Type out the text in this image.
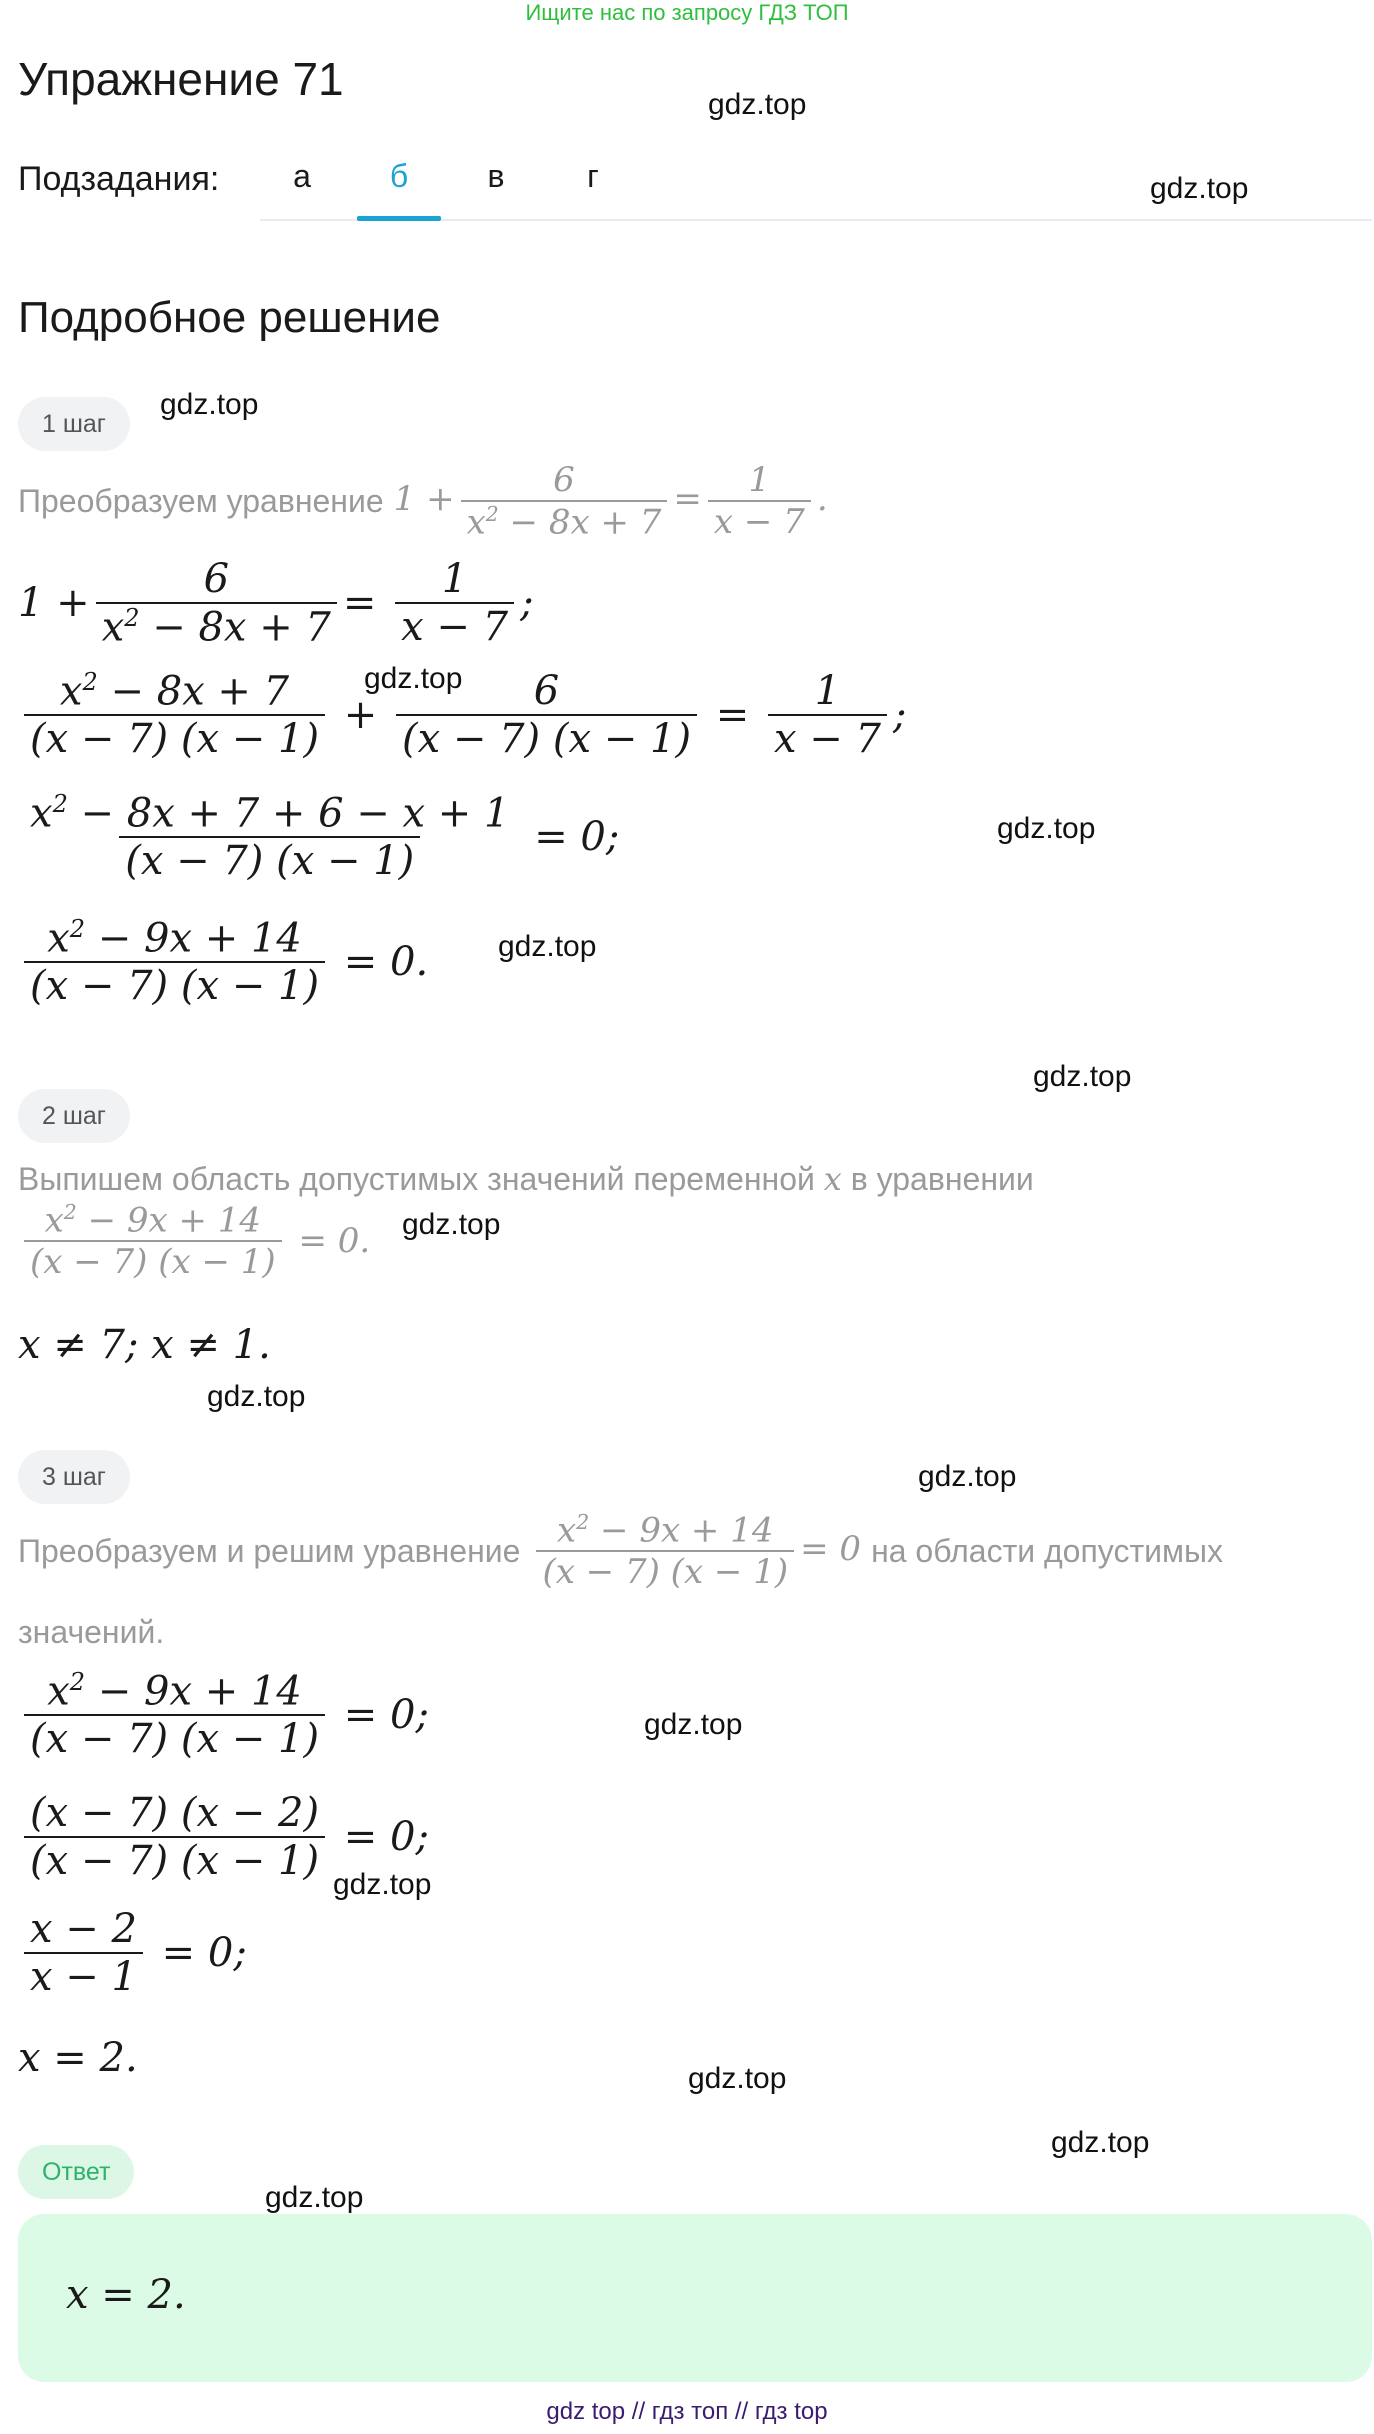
Ищите нас по запросу ГДЗ ТОП
Упражнение 71	gdz.top
Подзадания:	а	б	в	г	gdz.top
Подробное решение
1 шаг
gdz.top
Преобразуем уравнение $1 + \frac{6}{x^2 - 8x + 7} = \frac{1}{x - 7}$ .
$1 + \frac{6}{x^2 - 8x + 7} = \frac{1}{x - 7}$ ;
$\frac{x^2 - 8x + 7}{(x - 7) (x - 1)} + \frac{6}{(x - 7) (x - 1)} = \frac{1}{x - 7}$ ;
gdz.top
$\frac{x^2 - 8x + 7 + 6 - x + 1}{(x - 7) (x - 1)} = 0$;	gdz.top
$\frac{x^2 - 9x + 14}{(x - 7) (x - 1)} = 0$. gdz.top
gdz.top
2 шаг
Выпишем область допустимых значений переменной x в уравнении
$\frac{x^2 - 9x + 14}{(x - 7) (x - 1)} = 0$. gdz.top
x ≠ 7; x ≠ 1.
gdz.top
3 шаг	gdz.top
Преобразуем и решим уравнение $\frac{x^2 - 9x + 14}{(x - 7) (x - 1)} = 0$ на области допустимых
значений.
$\frac{x^2 - 9x + 14}{(x - 7) (x - 1)} = 0$;	gdz.top
$\frac{(x - 7) (x - 2)}{(x - 7) (x - 1)} = 0$;
gdz.top
$\frac{x - 2}{x - 1} = 0$;
x = 2.	gdz.top
gdz.top
Ответ
gdz.top
x = 2.
gdz top // гдз топ // гдз top
